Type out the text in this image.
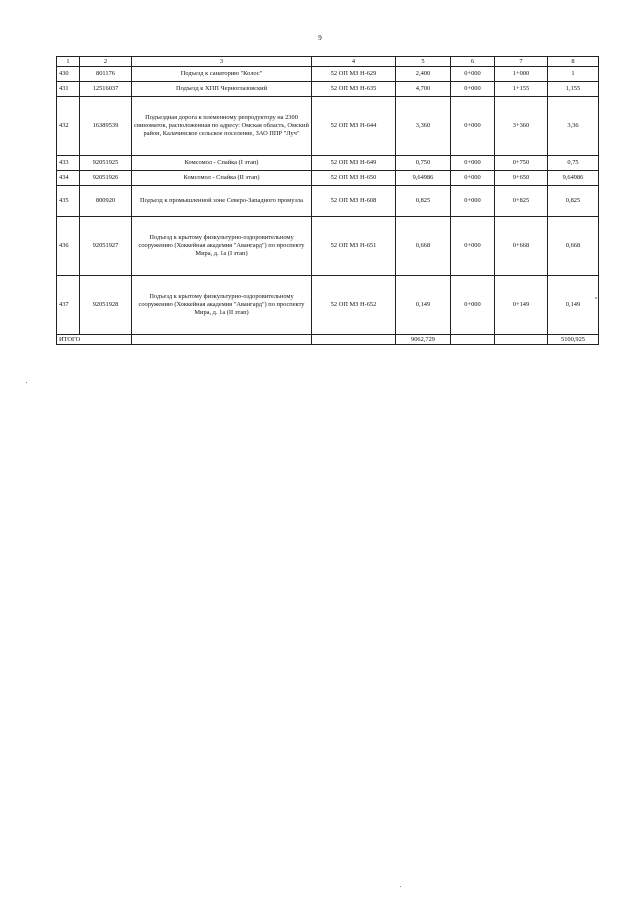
9
1	2	3	4	5	6	7	8
430	801176	Подъезд к санаторию "Колос"	52 ОП МЗ Н-629	2,400	0+000	1+000	1
431	12516037	Подъезд к ХПП Черноглазовский	52 ОП МЗ Н-635	4,700	0+000	1+155	1,155
432	16389539	Подъездная дорога к племенному репродуктору на 2300 свиноматок, расположенная по адресу: Омская область, Омский район, Калачинское сельское поселение, ЗАО ППР "Луч"	52 ОП МЗ Н-644	3,360	0+000	3+360	3,36
433	92051925	Комсомол - Спайка (I этап)	52 ОП МЗ Н-649	0,750	0+000	0+750	0,75
434	92051926	Комсомол - Спайка (II этап)	52 ОП МЗ Н-650	9,64986	0+000	9+650	9,64986
435	800920	Подъезд к промышленной зоне Северо-Западного промузла	52 ОП МЗ Н-608	0,825	0+000	0+825	0,825
436	92051927	Подъезд к крытому физкультурно-оздоровительному сооружению (Хоккейная академия "Авангард") по проспекту Мира, д. 1а (I этап)	52 ОП МЗ Н-651	0,668	0+000	0+668	0,668
437	92051928	Подъезд к крытому физкультурно-оздоровительному сооружению (Хоккейная академия "Авангард") по проспекту Мира, д. 1а (II этап)	52 ОП МЗ Н-652	0,149	0+000	0+149	0,149
ИТОГО				9062,729			5100,925
»
